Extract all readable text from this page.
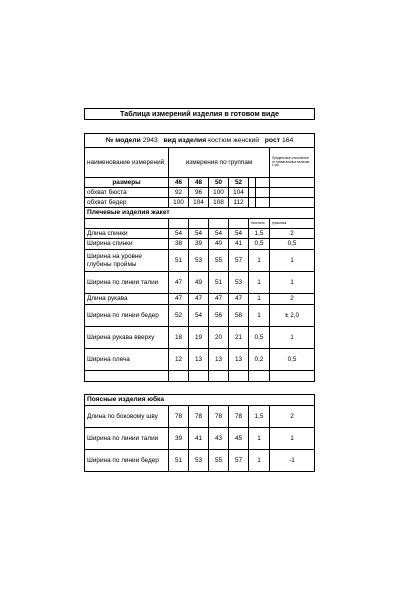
Таблица измерений изделия в готовом виде							

№ модели 2943 вид изделия костюм женский рост 164							
наименование измерений	измерения по группам						Предельные отклонения от номинальных величин, ± см.
размеры	46	48	50	52			
обхват бюста	92	96	100	104			
обхват бедер	100	104	108	112			
Плечевые изделия жакет							
					текстиль		трикотаж
Длина спинки	54	54	54	54	1,5		2
Ширина спинки	38	39	40	41	0,5		0,5
Ширина на уровне глубины проймы	51	53	55	57	1		1
Ширина по линии талии	47	49	51	53	1		1
Длина рукава	47	47	47	47	1		2
Ширина по линии бедер	52	54	56	58	1		± 2,0
Ширина рукава вверху	18	19	20	21	0,5		1
Ширина плеча	12	13	13	13	0,2		0,5

Поясные изделия юбка							
Длина по боковому шву	78	78	78	78	1,5		2
Ширина по линии талии	39	41	43	45	1		1
Ширина по линии бедер	51	53	55	57	1		-1
